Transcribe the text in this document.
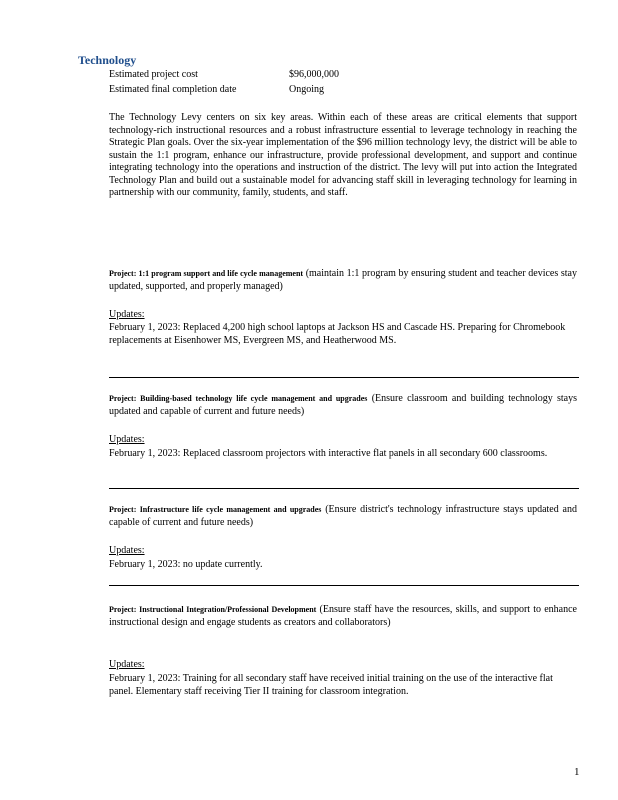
Technology
Estimated project cost	$96,000,000
Estimated final completion date	Ongoing
The Technology Levy centers on six key areas. Within each of these areas are critical elements that support technology-rich instructional resources and a robust infrastructure essential to leverage technology in reaching the Strategic Plan goals. Over the six-year implementation of the $96 million technology levy, the district will be able to sustain the 1:1 program, enhance our infrastructure, provide professional development, and support and continue integrating technology into the operations and instruction of the district. The levy will put into action the Integrated Technology Plan and build out a sustainable model for advancing staff skill in leveraging technology for learning in partnership with our community, family, students, and staff.
Project: 1:1 program support and life cycle management (maintain 1:1 program by ensuring student and teacher devices stay updated, supported, and properly managed)
Updates:
February 1, 2023: Replaced 4,200 high school laptops at Jackson HS and Cascade HS. Preparing for Chromebook replacements at Eisenhower MS, Evergreen MS, and Heatherwood MS.
Project: Building-based technology life cycle management and upgrades (Ensure classroom and building technology stays updated and capable of current and future needs)
Updates:
February 1, 2023: Replaced classroom projectors with interactive flat panels in all secondary 600 classrooms.
Project: Infrastructure life cycle management and upgrades (Ensure district's technology infrastructure stays updated and capable of current and future needs)
Updates:
February 1, 2023: no update currently.
Project: Instructional Integration/Professional Development (Ensure staff have the resources, skills, and support to enhance instructional design and engage students as creators and collaborators)
Updates:
February 1, 2023: Training for all secondary staff have received initial training on the use of the interactive flat panel. Elementary staff receiving Tier II training for classroom integration.
1
